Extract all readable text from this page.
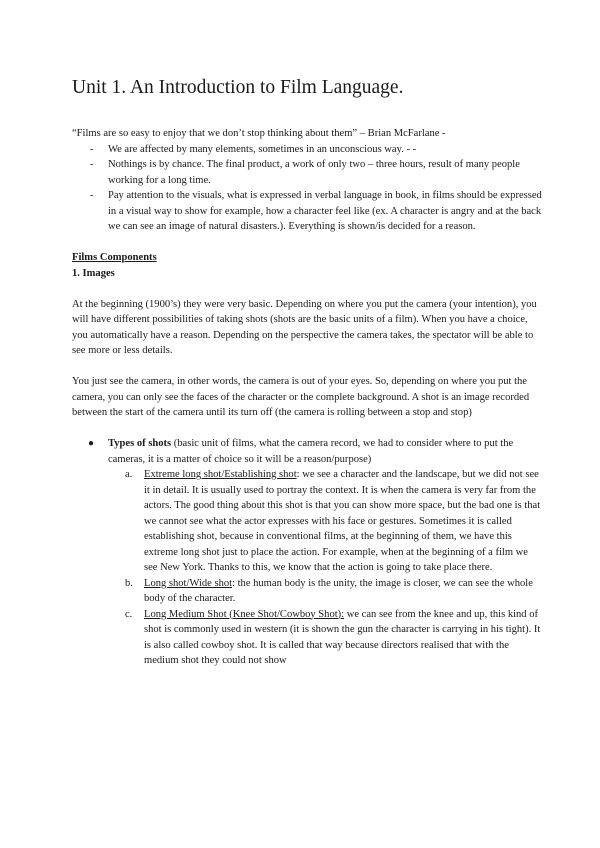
Unit 1. An Introduction to Film Language.

“Films are so easy to enjoy that we don’t stop thinking about them” – Brian McFarlane -

- We are affected by many elements, sometimes in an unconscious way. - -
- Nothings is by chance. The final product, a work of only two – three hours, result of many people working for a long time.
- Pay attention to the visuals, what is expressed in verbal language in book, in films should be expressed in a visual way to show for example, how a character feel like (ex. A character is angry and at the back we can see an image of natural disasters.). Everything is shown/is decided for a reason.

Films Components

1. Images

At the beginning (1900’s) they were very basic. Depending on where you put the camera (your intention), you will have different possibilities of taking shots (shots are the basic units of a film). When you have a choice, you automatically have a reason. Depending on the perspective the camera takes, the spectator will be able to see more or less details.

You just see the camera, in other words, the camera is out of your eyes. So, depending on where you put the camera, you can only see the faces of the character or the complete background. A shot is an image recorded between the start of the camera until its turn off (the camera is rolling between a stop and stop)

● Types of shots (basic unit of films, what the camera record, we had to consider where to put the cameras, it is a matter of choice so it will be a reason/purpose)
a. Extreme long shot/Establishing shot: we see a character and the landscape, but we did not see it in detail. It is usually used to portray the context. It is when the camera is very far from the actors. The good thing about this shot is that you can show more space, but the bad one is that we cannot see what the actor expresses with his face or gestures. Sometimes it is called establishing shot, because in conventional films, at the beginning of them, we have this extreme long shot just to place the action. For example, when at the beginning of a film we see New York. Thanks to this, we know that the action is going to take place there.
b. Long shot/Wide shot: the human body is the unity, the image is closer, we can see the whole body of the character.
c. Long Medium Shot (Knee Shot/Cowboy Shot): we can see from the knee and up, this kind of shot is commonly used in western (it is shown the gun the character is carrying in his tight). It is also called cowboy shot. It is called that way because directors realised that with the medium shot they could not show
